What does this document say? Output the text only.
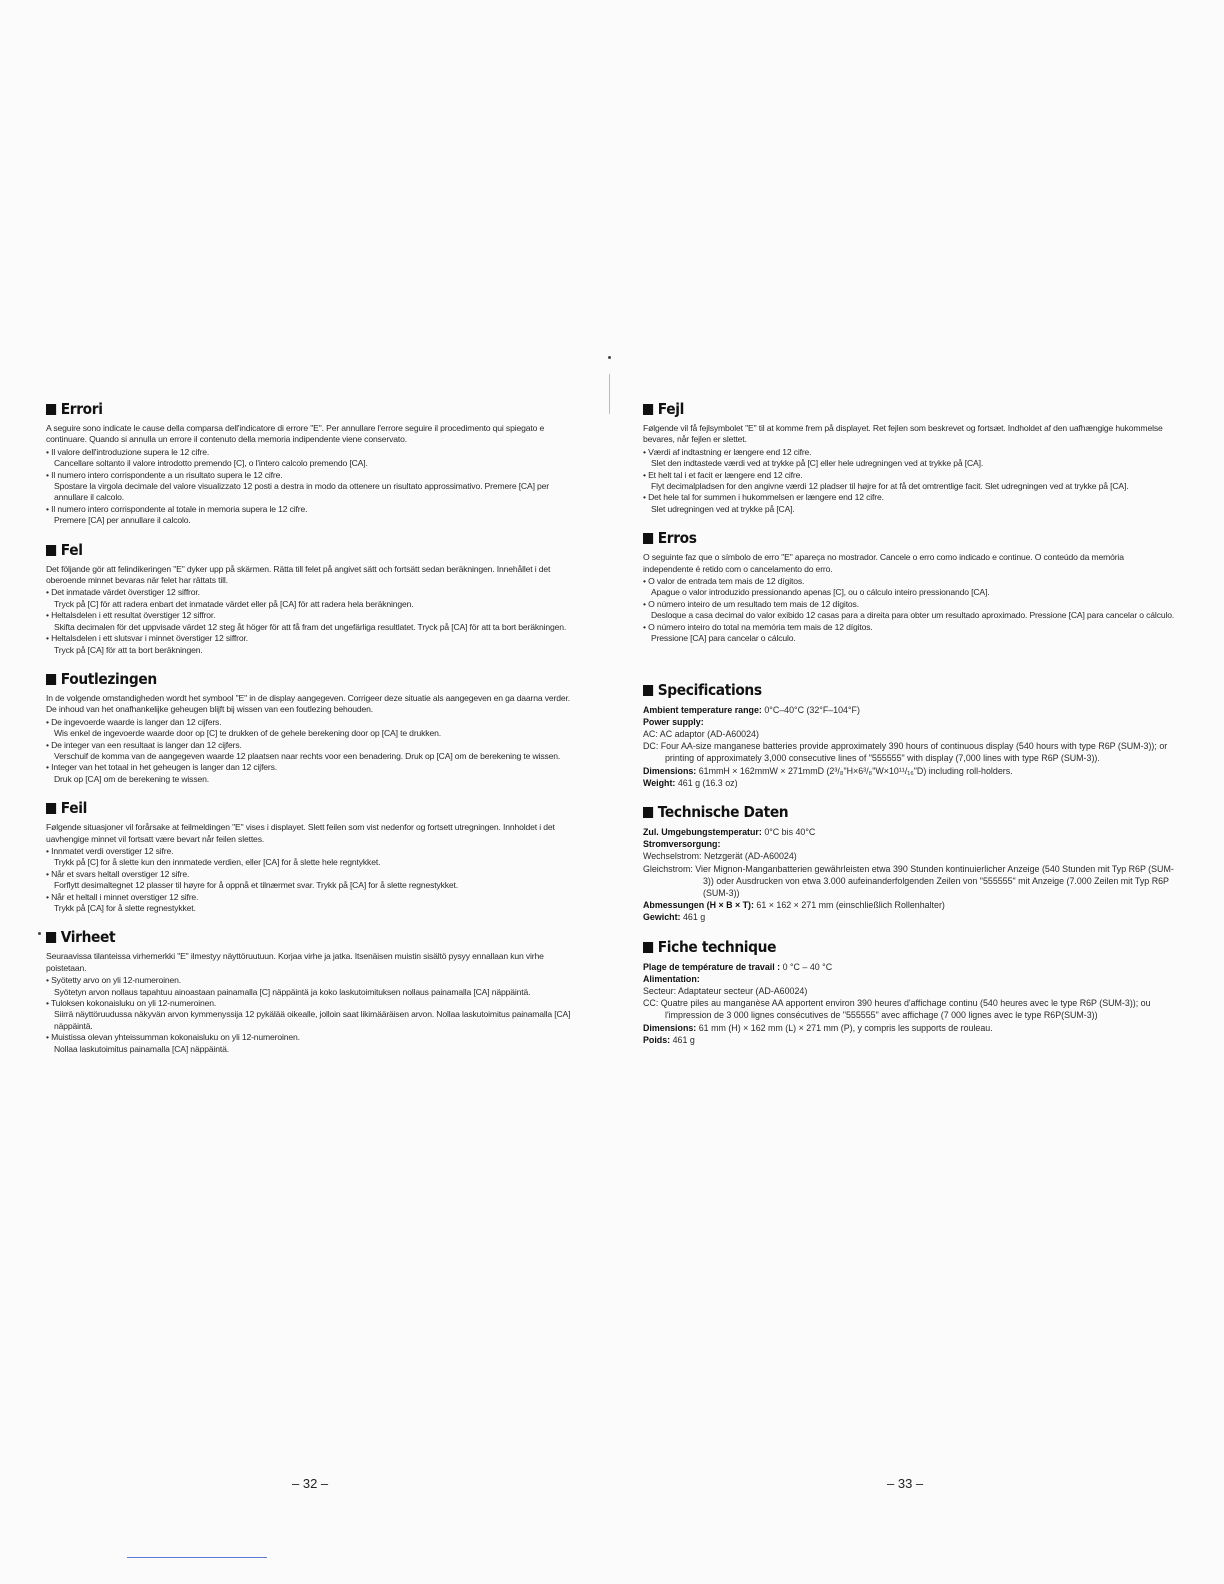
Errori

A seguire sono indicate le cause della comparsa dell'indicatore di errore "E". Per annullare l'errore seguire il procedimento qui spiegato e continuare. Quando si annulla un errore il contenuto della memoria indipendente viene conservato.

• Il valore dell'introduzione supera le 12 cifre.
Cancellare soltanto il valore introdotto premendo [C], o l'intero calcolo premendo [CA].
• Il numero intero corrispondente a un risultato supera le 12 cifre.
Spostare la virgola decimale del valore visualizzato 12 posti a destra in modo da ottenere un risultato approssimativo. Premere [CA] per annullare il calcolo.
• Il numero intero corrispondente al totale in memoria supera le 12 cifre.
Premere [CA] per annullare il calcolo.
Fel

Det följande gör att felindikeringen "E" dyker upp på skärmen. Rätta till felet på angivet sätt och fortsätt sedan beräkningen. Innehållet i det oberoende minnet bevaras när felet har rättats till.

• Det inmatade värdet överstiger 12 siffror.
Tryck på [C] för att radera enbart det inmatade värdet eller på [CA] för att radera hela beräkningen.
• Heltalsdelen i ett resultat överstiger 12 siffror.
Skifta decimalen för det uppvisade värdet 12 steg åt höger för att få fram det ungefärliga resultlatet. Tryck på [CA] för att ta bort beräkningen.
• Heltalsdelen i ett slutsvar i minnet överstiger 12 siffror.
Tryck på [CA] för att ta bort beräkningen.
Foutlezingen

In de volgende omstandigheden wordt het symbool "E" in de display aangegeven. Corrigeer deze situatie als aangegeven en ga daarna verder. De inhoud van het onafhankelijke geheugen blijft bij wissen van een foutlezing behouden.

• De ingevoerde waarde is langer dan 12 cijfers.
Wis enkel de ingevoerde waarde door op [C] te drukken of de gehele berekening door op [CA] te drukken.
• De integer van een resultaat is langer dan 12 cijfers.
Verschuif de komma van de aangegeven waarde 12 plaatsen naar rechts voor een benadering. Druk op [CA] om de berekening te wissen.
• Integer van het totaal in het geheugen is langer dan 12 cijfers.
Druk op [CA] om de berekening te wissen.
Feil

Følgende situasjoner vil forårsake at feilmeldingen "E" vises i displayet. Slett feilen som vist nedenfor og fortsett utregningen. Innholdet i det uavhengige minnet vil fortsatt være bevart når feilen slettes.

• Innmatet verdi overstiger 12 sifre.
Trykk på [C] for å slette kun den innmatede verdien, eller [CA] for å slette hele regntykket.
• Når et svars heltall overstiger 12 sifre.
Forflytt desimaltegnet 12 plasser til høyre for å oppnå et tilnærmet svar. Trykk på [CA] for å slette regnestykket.
• Når et heltall i minnet overstiger 12 sifre.
Trykk på [CA] for å slette regnestykket.
Virheet

Seuraavissa tilanteissa virhemerkki "E" ilmestyy näyttöruutuun. Korjaa virhe ja jatka. Itsenäisen muistin sisältö pysyy ennallaan kun virhe poistetaan.

• Syötetty arvo on yli 12-numeroinen.
Syötetyn arvon nollaus tapahtuu ainoastaan painamalla [C] näppäintä ja koko laskutoimituksen nollaus painamalla [CA] näppäintä.
• Tuloksen kokonaisluku on yli 12-numeroinen.
Siirrä näyttöruudussa näkyvän arvon kymmenyssija 12 pykälää oikealle, jolloin saat likimääräisen arvon. Nollaa laskutoimitus painamalla [CA] näppäintä.
• Muistissa olevan yhteissumman kokonaisluku on yli 12-numeroinen.
Nollaa laskutoimitus painamalla [CA] näppäintä.
Fejl

Følgende vil få fejlsymbolet "E" til at komme frem på displayet. Ret fejlen som beskrevet og fortsæt. Indholdet af den uafhængige hukommelse bevares, når fejlen er slettet.

• Værdi af indtastning er længere end 12 cifre.
Slet den indtastede værdi ved at trykke på [C] eller hele udregningen ved at trykke på [CA].
• Et helt tal i et facit er længere end 12 cifre.
Flyt decimalpladsen for den angivne værdi 12 pladser til højre for at få det omtrentlige facit. Slet udregningen ved at trykke på [CA].
• Det hele tal for summen i hukommelsen er længere end 12 cifre.
Slet udregningen ved at trykke på [CA].
Erros

O seguinte faz que o símbolo de erro "E" apareça no mostrador. Cancele o erro como indicado e continue. O conteúdo da memória independente é retido com o cancelamento do erro.

• O valor de entrada tem mais de 12 dígitos.
Apague o valor introduzido pressionando apenas [C], ou o cálculo inteiro pressionando [CA].
• O número inteiro de um resultado tem mais de 12 dígitos.
Desloque a casa decimal do valor exibido 12 casas para a direita para obter um resultado aproximado. Pressione [CA] para cancelar o cálculo.
• O número inteiro do total na memória tem mais de 12 dígitos.
Pressione [CA] para cancelar o cálculo.
Specifications
Ambient temperature range: 0°C–40°C (32°F–104°F)
Power supply:
AC: AC adaptor (AD-A60024)
DC: Four AA-size manganese batteries provide approximately 390 hours of continuous display (540 hours with type R6P (SUM-3)); or printing of approximately 3,000 consecutive lines of "555555" with display (7,000 lines with type R6P (SUM-3)).
Dimensions: 61mmH × 162mmW × 271mmD (2³/₈"H×6³/₈"W×10¹¹/₁₆"D) including roll-holders.
Weight: 461 g (16.3 oz)
Technische Daten
Zul. Umgebungstemperatur: 0°C bis 40°C
Stromversorgung:
Wechselstrom: Netzgerät (AD-A60024)
Gleichstrom: Vier Mignon-Manganbatterien gewährleisten etwa 390 Stunden kontinuierlicher Anzeige (540 Stunden mit Typ R6P (SUM-3)) oder Ausdrucken von etwa 3.000 aufeinanderfolgenden Zeilen von "555555" mit Anzeige (7.000 Zeilen mit Typ R6P (SUM-3))
Abmessungen (H × B × T): 61 × 162 × 271 mm (einschließlich Rollenhalter)
Gewicht: 461 g
Fiche technique
Plage de température de travail : 0 °C – 40 °C
Alimentation:
Secteur: Adaptateur secteur (AD-A60024)
CC: Quatre piles au manganèse AA apportent environ 390 heures d'affichage continu (540 heures avec le type R6P (SUM-3)); ou l'impression de 3 000 lignes consécutives de "555555" avec affichage (7 000 lignes avec le type R6P(SUM-3))
Dimensions: 61 mm (H) × 162 mm (L) × 271 mm (P), y compris les supports de rouleau.
Poids: 461 g
– 32 –	– 33 –
